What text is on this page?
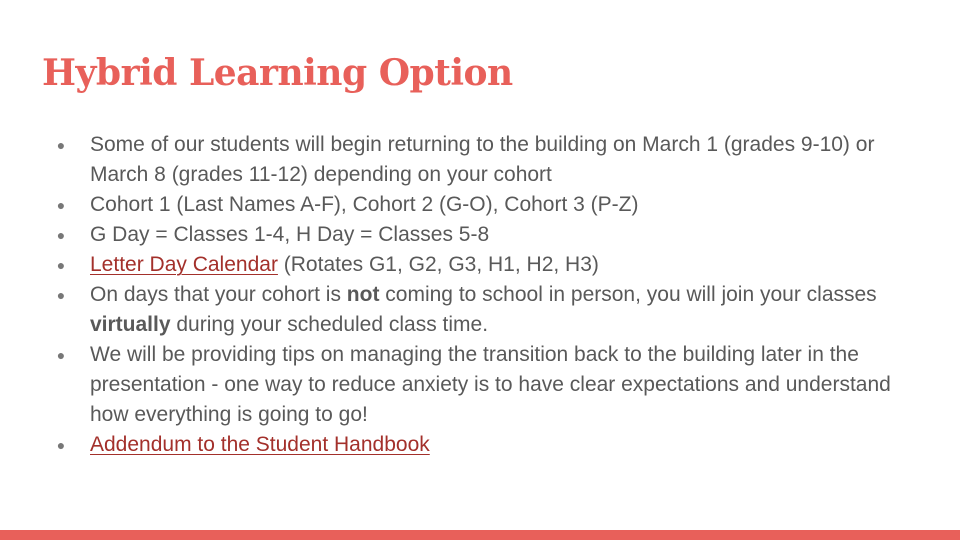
Hybrid Learning Option
● Some of our students will begin returning to the building on March 1 (grades 9-10) or March 8 (grades 11-12) depending on your cohort
● Cohort 1 (Last Names A-F), Cohort 2 (G-O), Cohort 3 (P-Z)
● G Day = Classes 1-4, H Day = Classes 5-8
● Letter Day Calendar (Rotates G1, G2, G3, H1, H2, H3)
● On days that your cohort is not coming to school in person, you will join your classes virtually during your scheduled class time.
● We will be providing tips on managing the transition back to the building later in the presentation - one way to reduce anxiety is to have clear expectations and understand how everything is going to go!
● Addendum to the Student Handbook
